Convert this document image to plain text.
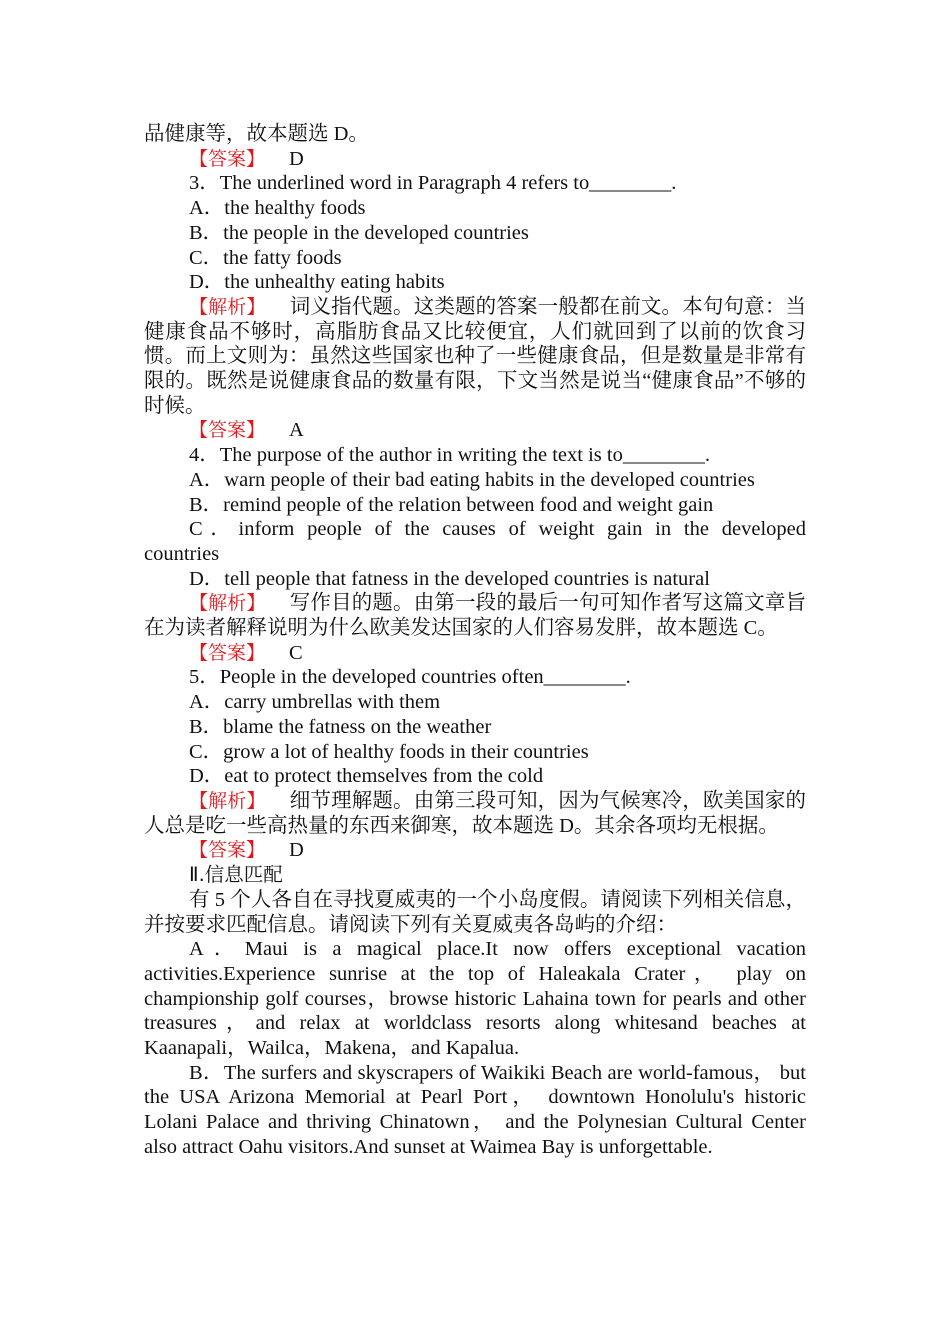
品健康等，故本题选 D。
【答案】 D
3．The underlined word in Paragraph 4 refers to________.
A．the healthy foods
B．the people in the developed countries
C．the fatty foods
D．the unhealthy eating habits
【解析】 词义指代题。这类题的答案一般都在前文。本句句意：当健康食品不够时，高脂肪食品又比较便宜，人们就回到了以前的饮食习惯。而上文则为：虽然这些国家也种了一些健康食品，但是数量是非常有限的。既然是说健康食品的数量有限，下文当然是说当“健康食品”不够的时候。
【答案】 A
4．The purpose of the author in writing the text is to________.
A．warn people of their bad eating habits in the developed countries
B．remind people of the relation between food and weight gain
C．inform people of the causes of weight gain in the developed
countries
D．tell people that fatness in the developed countries is natural
【解析】 写作目的题。由第一段的最后一句可知作者写这篇文章旨在为读者解释说明为什么欧美发达国家的人们容易发胖，故本题选 C。
【答案】 C
5．People in the developed countries often________.
A．carry umbrellas with them
B．blame the fatness on the weather
C．grow a lot of healthy foods in their countries
D．eat to protect themselves from the cold
【解析】 细节理解题。由第三段可知，因为气候寒冷，欧美国家的人总是吃一些高热量的东西来御寒，故本题选 D。其余各项均无根据。
【答案】 D
Ⅱ.信息匹配
有 5 个人各自在寻找夏威夷的一个小岛度假。请阅读下列相关信息，并按要求匹配信息。请阅读下列有关夏威夷各岛屿的介绍：
A．Maui is a magical place.It now offers exceptional vacation activities.Experience sunrise at the top of Haleakala Crater， play on championship golf courses，browse historic Lahaina town for pearls and other treasures，and relax at worldclass resorts along whitesand beaches at Kaanapali，Wailca，Makena，and Kapalua.
B．The surfers and skyscrapers of Waikiki Beach are world-famous， but the USA Arizona Memorial at Pearl Port， downtown Honolulu's historic Lolani Palace and thriving Chinatown， and the Polynesian Cultural Center also attract Oahu visitors.And sunset at Waimea Bay is unforgettable.
